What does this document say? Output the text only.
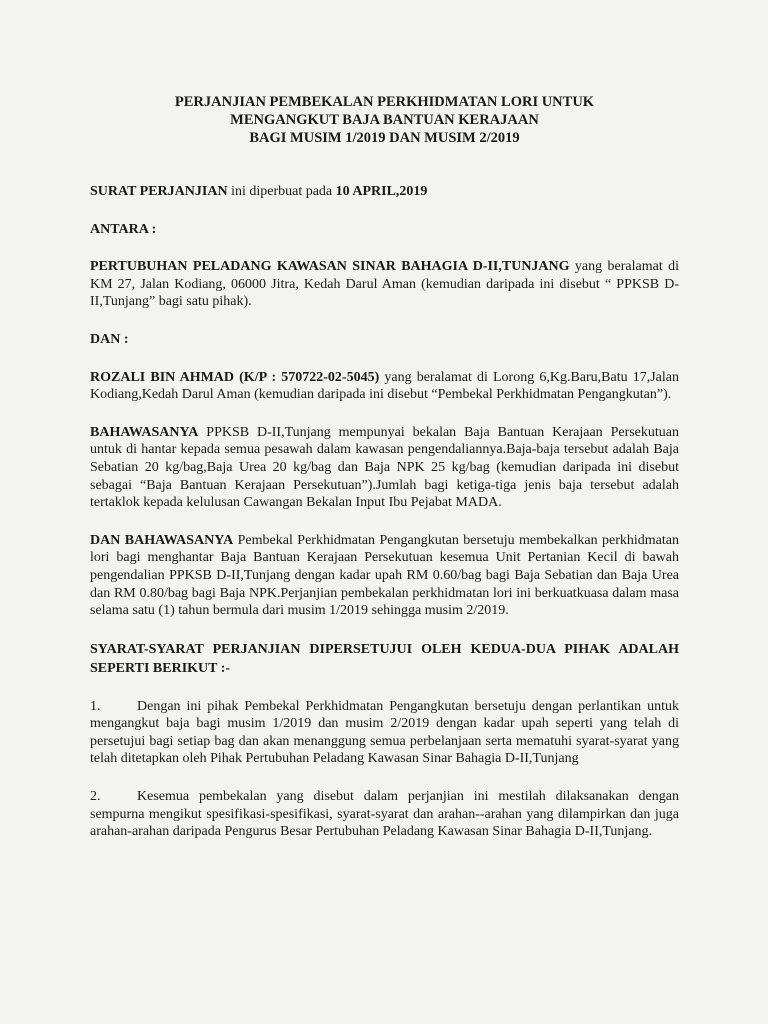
PERJANJIAN PEMBEKALAN PERKHIDMATAN LORI UNTUK
MENGANGKUT BAJA BANTUAN KERAJAAN
BAGI MUSIM 1/2019 DAN MUSIM 2/2019

SURAT PERJANJIAN ini diperbuat pada 10 APRIL,2019

ANTARA :

PERTUBUHAN PELADANG KAWASAN SINAR BAHAGIA D-II,TUNJANG yang beralamat di KM 27, Jalan Kodiang, 06000 Jitra, Kedah Darul Aman (kemudian daripada ini disebut “ PPKSB D-II,Tunjang” bagi satu pihak).

DAN :

ROZALI BIN AHMAD (K/P : 570722-02-5045) yang beralamat di Lorong 6,Kg.Baru,Batu 17,Jalan Kodiang,Kedah Darul Aman (kemudian daripada ini disebut “Pembekal Perkhidmatan Pengangkutan”).

BAHAWASANYA PPKSB D-II,Tunjang mempunyai bekalan Baja Bantuan Kerajaan Persekutuan untuk di hantar kepada semua pesawah dalam kawasan pengendaliannya.Baja-baja tersebut adalah Baja Sebatian 20 kg/bag,Baja Urea 20 kg/bag dan Baja NPK 25 kg/bag (kemudian daripada ini disebut sebagai “Baja Bantuan Kerajaan Persekutuan”).Jumlah bagi ketiga-tiga jenis baja tersebut adalah tertaklok kepada kelulusan Cawangan Bekalan Input Ibu Pejabat MADA.

DAN BAHAWASANYA Pembekal Perkhidmatan Pengangkutan bersetuju membekalkan perkhidmatan lori bagi menghantar Baja Bantuan Kerajaan Persekutuan kesemua Unit Pertanian Kecil di bawah pengendalian PPKSB D-II,Tunjang dengan kadar upah RM 0.60/bag bagi Baja Sebatian dan Baja Urea dan RM 0.80/bag bagi Baja NPK.Perjanjian pembekalan perkhidmatan lori ini berkuatkuasa dalam masa selama satu (1) tahun bermula dari musim 1/2019 sehingga musim 2/2019.

SYARAT-SYARAT PERJANJIAN DIPERSETUJUI OLEH KEDUA-DUA PIHAK ADALAH SEPERTI BERIKUT :-

1.	Dengan ini pihak Pembekal Perkhidmatan Pengangkutan bersetuju dengan perlantikan untuk mengangkut baja bagi musim 1/2019 dan musim 2/2019 dengan kadar upah seperti yang telah di persetujui bagi setiap bag dan akan menanggung semua perbelanjaan serta mematuhi syarat-syarat yang telah ditetapkan oleh Pihak Pertubuhan Peladang Kawasan Sinar Bahagia D-II,Tunjang

2.	Kesemua pembekalan yang disebut dalam perjanjian ini mestilah dilaksanakan dengan sempurna mengikut spesifikasi-spesifikasi, syarat-syarat dan arahan--arahan yang dilampirkan dan juga arahan-arahan daripada Pengurus Besar Pertubuhan Peladang Kawasan Sinar Bahagia D-II,Tunjang.
